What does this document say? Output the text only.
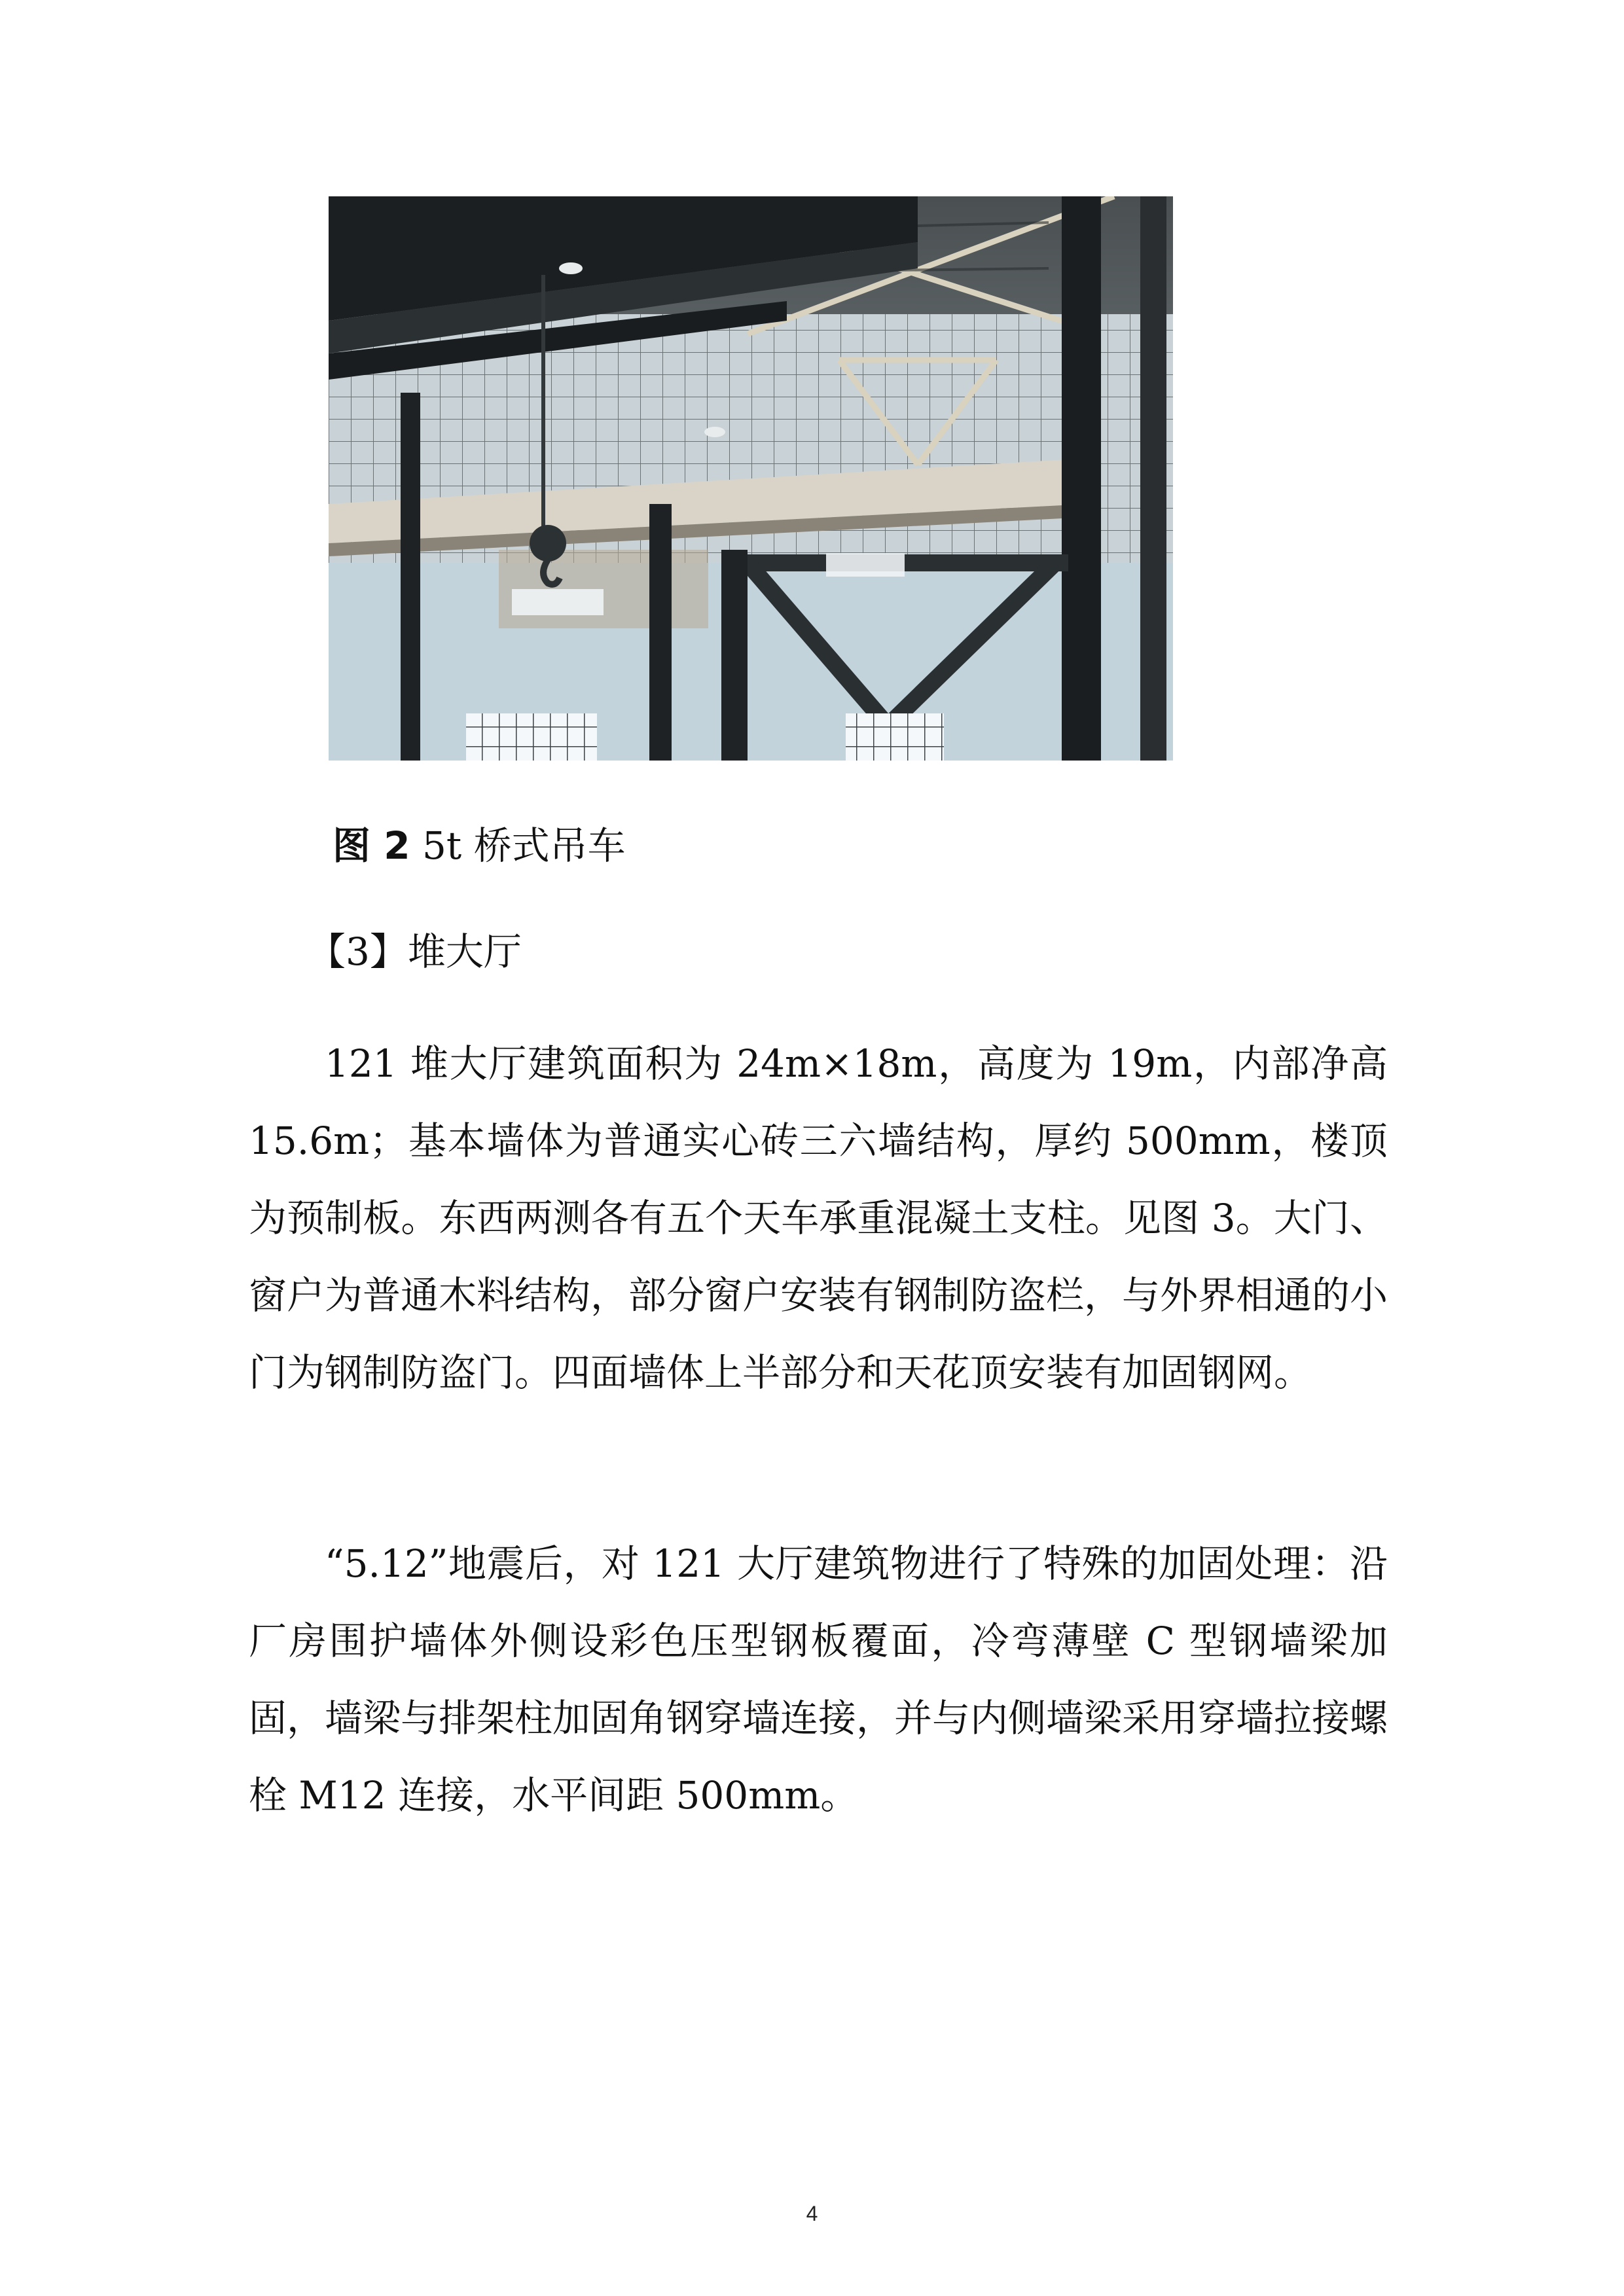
图 2 5t 桥式吊车
【3】堆大厅

121 堆大厅建筑面积为 24m×18m，高度为 19m，内部净高 15.6m；基本墙体为普通实心砖三六墙结构，厚约 500mm，楼顶为预制板。东西两测各有五个天车承重混凝土支柱。见图 3。大门、窗户为普通木料结构，部分窗户安装有钢制防盗栏，与外界相通的小门为钢制防盗门。四面墙体上半部分和天花顶安装有加固钢网。

“5.12”地震后，对 121 大厅建筑物进行了特殊的加固处理：沿厂房围护墙体外侧设彩色压型钢板覆面，冷弯薄壁 C 型钢墙梁加固，墙梁与排架柱加固角钢穿墙连接，并与内侧墙梁采用穿墙拉接螺栓 M12 连接，水平间距 500mm。

4
